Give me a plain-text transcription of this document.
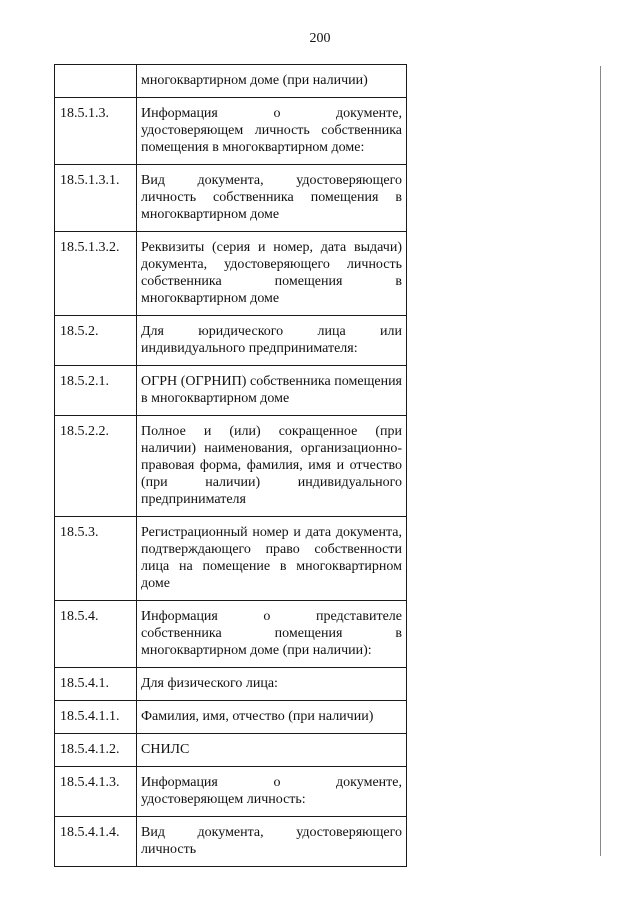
200
	многоквартирном доме (при наличии)
18.5.1.3.	Информация о документе, удостоверяющем личность собственника помещения в многоквартирном доме:
18.5.1.3.1.	Вид документа, удостоверяющего личность собственника помещения в многоквартирном доме
18.5.1.3.2.	Реквизиты (серия и номер, дата выдачи) документа, удостоверяющего личность собственника помещения в многоквартирном доме
18.5.2.	Для юридического лица или индивидуального предпринимателя:
18.5.2.1.	ОГРН (ОГРНИП) собственника помещения в многоквартирном доме
18.5.2.2.	Полное и (или) сокращенное (при наличии) наименования, организационно-правовая форма, фамилия, имя и отчество (при наличии) индивидуального предпринимателя
18.5.3.	Регистрационный номер и дата документа, подтверждающего право собственности лица на помещение в многоквартирном доме
18.5.4.	Информация о представителе собственника помещения в многоквартирном доме (при наличии):
18.5.4.1.	Для физического лица:
18.5.4.1.1.	Фамилия, имя, отчество (при наличии)
18.5.4.1.2.	СНИЛС
18.5.4.1.3.	Информация о документе, удостоверяющем личность:
18.5.4.1.4.	Вид документа, удостоверяющего личность
